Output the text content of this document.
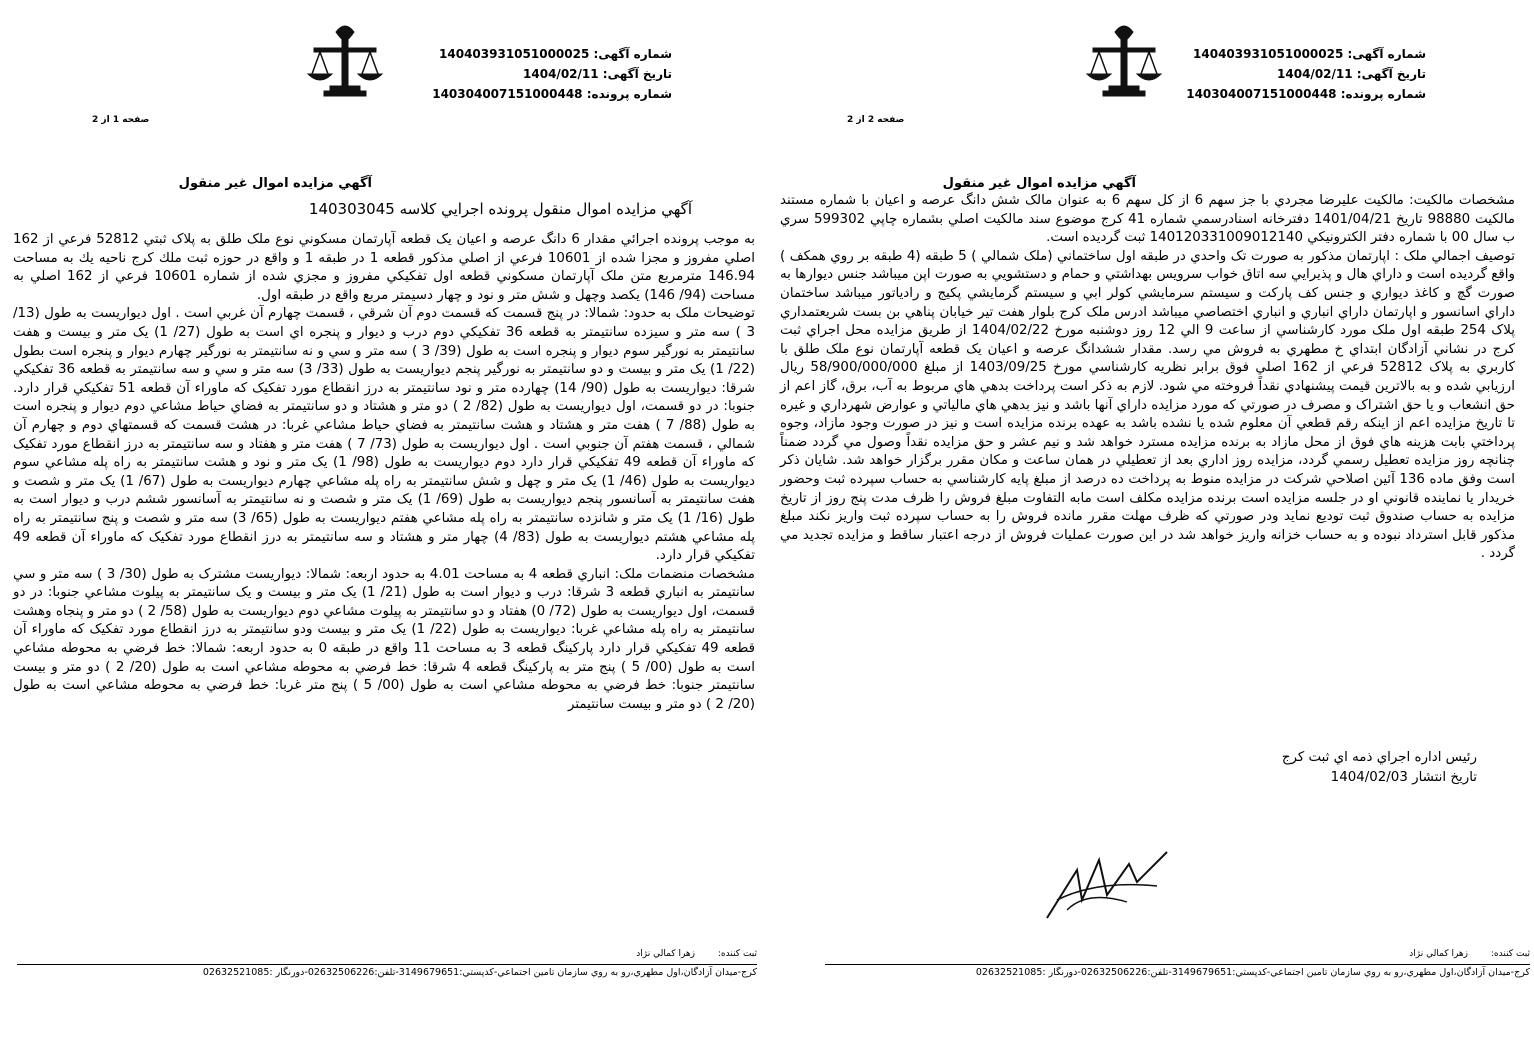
شماره آگهی: 140403931051000025
تاریخ آگهی: 1404/02/11
شماره پرونده: 140304007151000448
صفحه 1 از 2
آگهي مزايده اموال غير منقول
آگهي مزايده اموال منقول پرونده اجرايي كلاسه 140303045

به موجب پرونده اجرائي مقدار 6 دانگ عرصه و اعيان يک قطعه آپارتمان مسكوني نوع ملک طلق به پلاک ثبتي 52812 فرعي از 162 اصلي مفروز و مجزا شده از 10601 فرعي از اصلي مذكور قطعه 1 در طبقه 1 و واقع در حوزه ثبت ملك كرج ناحيه يك به مساحت 146.94 مترمربع متن ملک آپارتمان مسكوني قطعه اول تفكيكي مفروز و مجزي شده از شماره 10601 فرعي از 162 اصلي به مساحت (94/ 146) يكصد وچهل و شش متر و نود و چهار دسيمتر مربع واقع در طبقه اول.

توضيحات ملک به حدود: شمالا: در پنج قسمت كه قسمت دوم آن شرقي ، قسمت چهارم آن غربي است . اول ديواريست به طول (13/ 3 ) سه متر و سيزده سانتيمتر به قطعه 36 تفكيكي دوم درب و ديوار و پنجره اي است به طول (27/ 1) يک متر و بيست و هفت سانتيمتر به نورگير سوم ديوار و پنجره است به طول (39/ 3 ) سه متر و سي و نه سانتيمتر به نورگير چهارم ديوار و پنجره است بطول (22/ 1) يک متر و بيست و دو سانتيمتر به نورگير پنجم ديواريست به طول (33/ 3) سه متر و سي و سه سانتيمتر به قطعه 36 تفكيكي شرقا: ديواريست به طول (90/ 14) چهارده متر و نود سانتيمتر به درز انقطاع مورد تفكيک كه ماوراء آن قطعه 51 تفكيكي قرار دارد. جنوبا: در دو قسمت، اول ديواريست به طول (82/ 2 ) دو متر و هشتاد و دو سانتيمتر به فضاي حياط مشاعي دوم ديوار و پنجره است به طول (88/ 7 ) هفت متر و هشتاد و هشت سانتيمتر به فضاي حياط مشاعي غربا: در هشت قسمت كه قسمتهاي دوم و چهارم آن شمالي ، قسمت هفتم آن جنوبي است . اول ديواريست به طول (73/ 7 ) هفت متر و هفتاد و سه سانتيمتر به درز انقطاع مورد تفكيک كه ماوراء آن قطعه 49 تفكيكي قرار دارد دوم ديواريست به طول (98/ 1) يک متر و نود و هشت سانتيمتر به راه پله مشاعي سوم ديواريست به طول (46/ 1) يک متر و چهل و شش سانتيمتر به راه پله مشاعي چهارم ديواريست به طول (67/ 1) يک متر و شصت و هفت سانتيمتر به آسانسور پنجم ديواريست به طول (69/ 1) يک متر و شصت و نه سانتيمتر به آسانسور ششم درب و ديوار است به طول (16/ 1) يک متر و شانزده سانتيمتر به راه پله مشاعي هفتم ديواريست به طول (65/ 3) سه متر و شصت و پنج سانتيمتر به راه پله مشاعي هشتم ديواريست به طول (83/ 4) چهار متر و هشتاد و سه سانتيمتر به درز انقطاع مورد تفكيک كه ماوراء آن قطعه 49 تفكيكي قرار دارد.

مشخصات منضمات ملک: انباري قطعه 4 به مساحت 4.01 به حدود اربعه: شمالا: ديواريست مشترک به طول (30/ 3 ) سه متر و سي سانتيمتر به انباري قطعه 3 شرقا: درب و ديوار است به طول (21/ 1) يک متر و بيست و يک سانتيمتر به پيلوت مشاعي جنوبا: در دو قسمت، اول ديواريست به طول (72/ 0) هفتاد و دو سانتيمتر به پيلوت مشاعي دوم ديواريست به طول (58/ 2 ) دو متر و پنجاه وهشت سانتيمتر به راه پله مشاعي غربا: ديواريست به طول (22/ 1) يک متر و بيست ودو سانتيمتر به درز انقطاع مورد تفكيک كه ماوراء آن قطعه 49 تفكيكي قرار دارد پاركينگ قطعه 3 به مساحت 11 واقع در طبقه 0 به حدود اربعه: شمالا: خط فرضي به محوطه مشاعي است به طول (00/ 5 ) پنج متر به پاركينگ قطعه 4 شرقا: خط فرضي به محوطه مشاعي است به طول (20/ 2 ) دو متر و بيست سانتيمتر جنوبا: خط فرضي به محوطه مشاعي است به طول (00/ 5 ) پنج متر غربا: خط فرضي به محوطه مشاعي است به طول (20/ 2 ) دو متر و بيست سانتيمتر

ثبت كننده: زهرا كمالي نژاد
كرج-ميدان آزادگان،اول مطهري،رو به روي سازمان تامين اجتماعي-كدپستي:3149679651-تلفن:02632506226-دورنگار :02632521085
شماره آگهی: 140403931051000025
تاریخ آگهی: 1404/02/11
شماره پرونده: 140304007151000448
صفحه 2 از 2
آگهي مزايده اموال غير منقول

مشخصات مالكيت: مالكيت عليرضا مجردي با جز سهم 6 از كل سهم 6 به عنوان مالک شش دانگ عرصه و اعيان با شماره مستند مالكيت 98880 تاريخ 1401/04/21 دفترخانه اسنادرسمي شماره 41 كرج موضوع سند مالكيت اصلي بشماره چاپي 599302 سري ب سال 00 با شماره دفتر الكترونيكي 140120331009012140 ثبت گرديده است.

توصيف اجمالي ملک : اپارتمان مذكور به صورت تک واحدي در طبقه اول ساختماني (ملک شمالي ) 5 طبقه (4 طبقه بر روي همكف ) واقع گرديده است و داراي هال و پذيرايي سه اتاق خواب سرويس بهداشتي و حمام و دستشويي به صورت اپن ميباشد جنس ديوارها به صورت گچ و كاغذ ديواري و جنس كف پاركت و سيستم سرمايشي كولر ابي و سيستم گرمايشي پكيج و رادياتور ميباشد ساختمان داراي اسانسور و اپارتمان داراي انباري و انباري اختصاصي ميباشد ادرس ملک كرج بلوار هفت تير خيابان پناهي بن بست شريعتمداري پلاک 254 طبقه اول ملک مورد كارشناسي از ساعت 9 الي 12 روز دوشنبه مورخ 1404/02/22 از طريق مزايده محل اجراي ثبت كرج در نشاني آزادگان ابتداي خ مطهري به فروش مي رسد. مقدار ششدانگ عرصه و اعيان يک قطعه آپارتمان نوع ملک طلق با كاربري به پلاک 52812 فرعي از 162 اصلي فوق برابر نظريه كارشناسي مورخ 1403/09/25 از مبلغ 58/900/000/000 ريال ارزيابي شده و به بالاترين قيمت پيشنهادي نقداً فروخته مي شود. لازم به ذكر است پرداخت بدهي هاي مربوط به آب، برق، گاز اعم از حق انشعاب و يا حق اشتراک و مصرف در صورتي كه مورد مزايده داراي آنها باشد و نيز بدهي هاي مالياتي و عوارض شهرداري و غيره تا تاريخ مزايده اعم از اينكه رقم قطعي آن معلوم شده يا نشده باشد به عهده برنده مزايده است و نيز در صورت وجود مازاد، وجوه پرداختي بابت هزينه هاي فوق از محل مازاد به برنده مزايده مسترد خواهد شد و نيم عشر و حق مزايده نقداً وصول مي گردد ضمناً چنانچه روز مزايده تعطيل رسمي گردد، مزايده روز اداري بعد از تعطيلي در همان ساعت و مكان مقرر برگزار خواهد شد. شايان ذكر است وفق ماده 136 آئين اصلاحي شركت در مزايده منوط به پرداخت ده درصد از مبلغ پايه كارشناسي به حساب سپرده ثبت وحضور خريدار يا نماينده قانوني او در جلسه مزايده است برنده مزايده مكلف است مابه التفاوت مبلغ فروش را ظرف مدت پنج روز از تاريخ مزايده به حساب صندوق ثبت توديع نمايد ودر صورتي كه ظرف مهلت مقرر مانده فروش را به حساب سپرده ثبت واريز نكند مبلغ مذكور قابل استرداد نبوده و به حساب خزانه واريز خواهد شد در اين صورت عمليات فروش از درجه اعتبار ساقط و مزايده تجديد مي گردد .

رئيس اداره اجراي ذمه اي ثبت كرج
تاريخ انتشار 1404/02/03
ثبت كننده: زهرا كمالي نژاد
كرج-ميدان آزادگان،اول مطهري،رو به روي سازمان تامين اجتماعي-كدپستي:3149679651-تلفن:02632506226-دورنگار :02632521085
